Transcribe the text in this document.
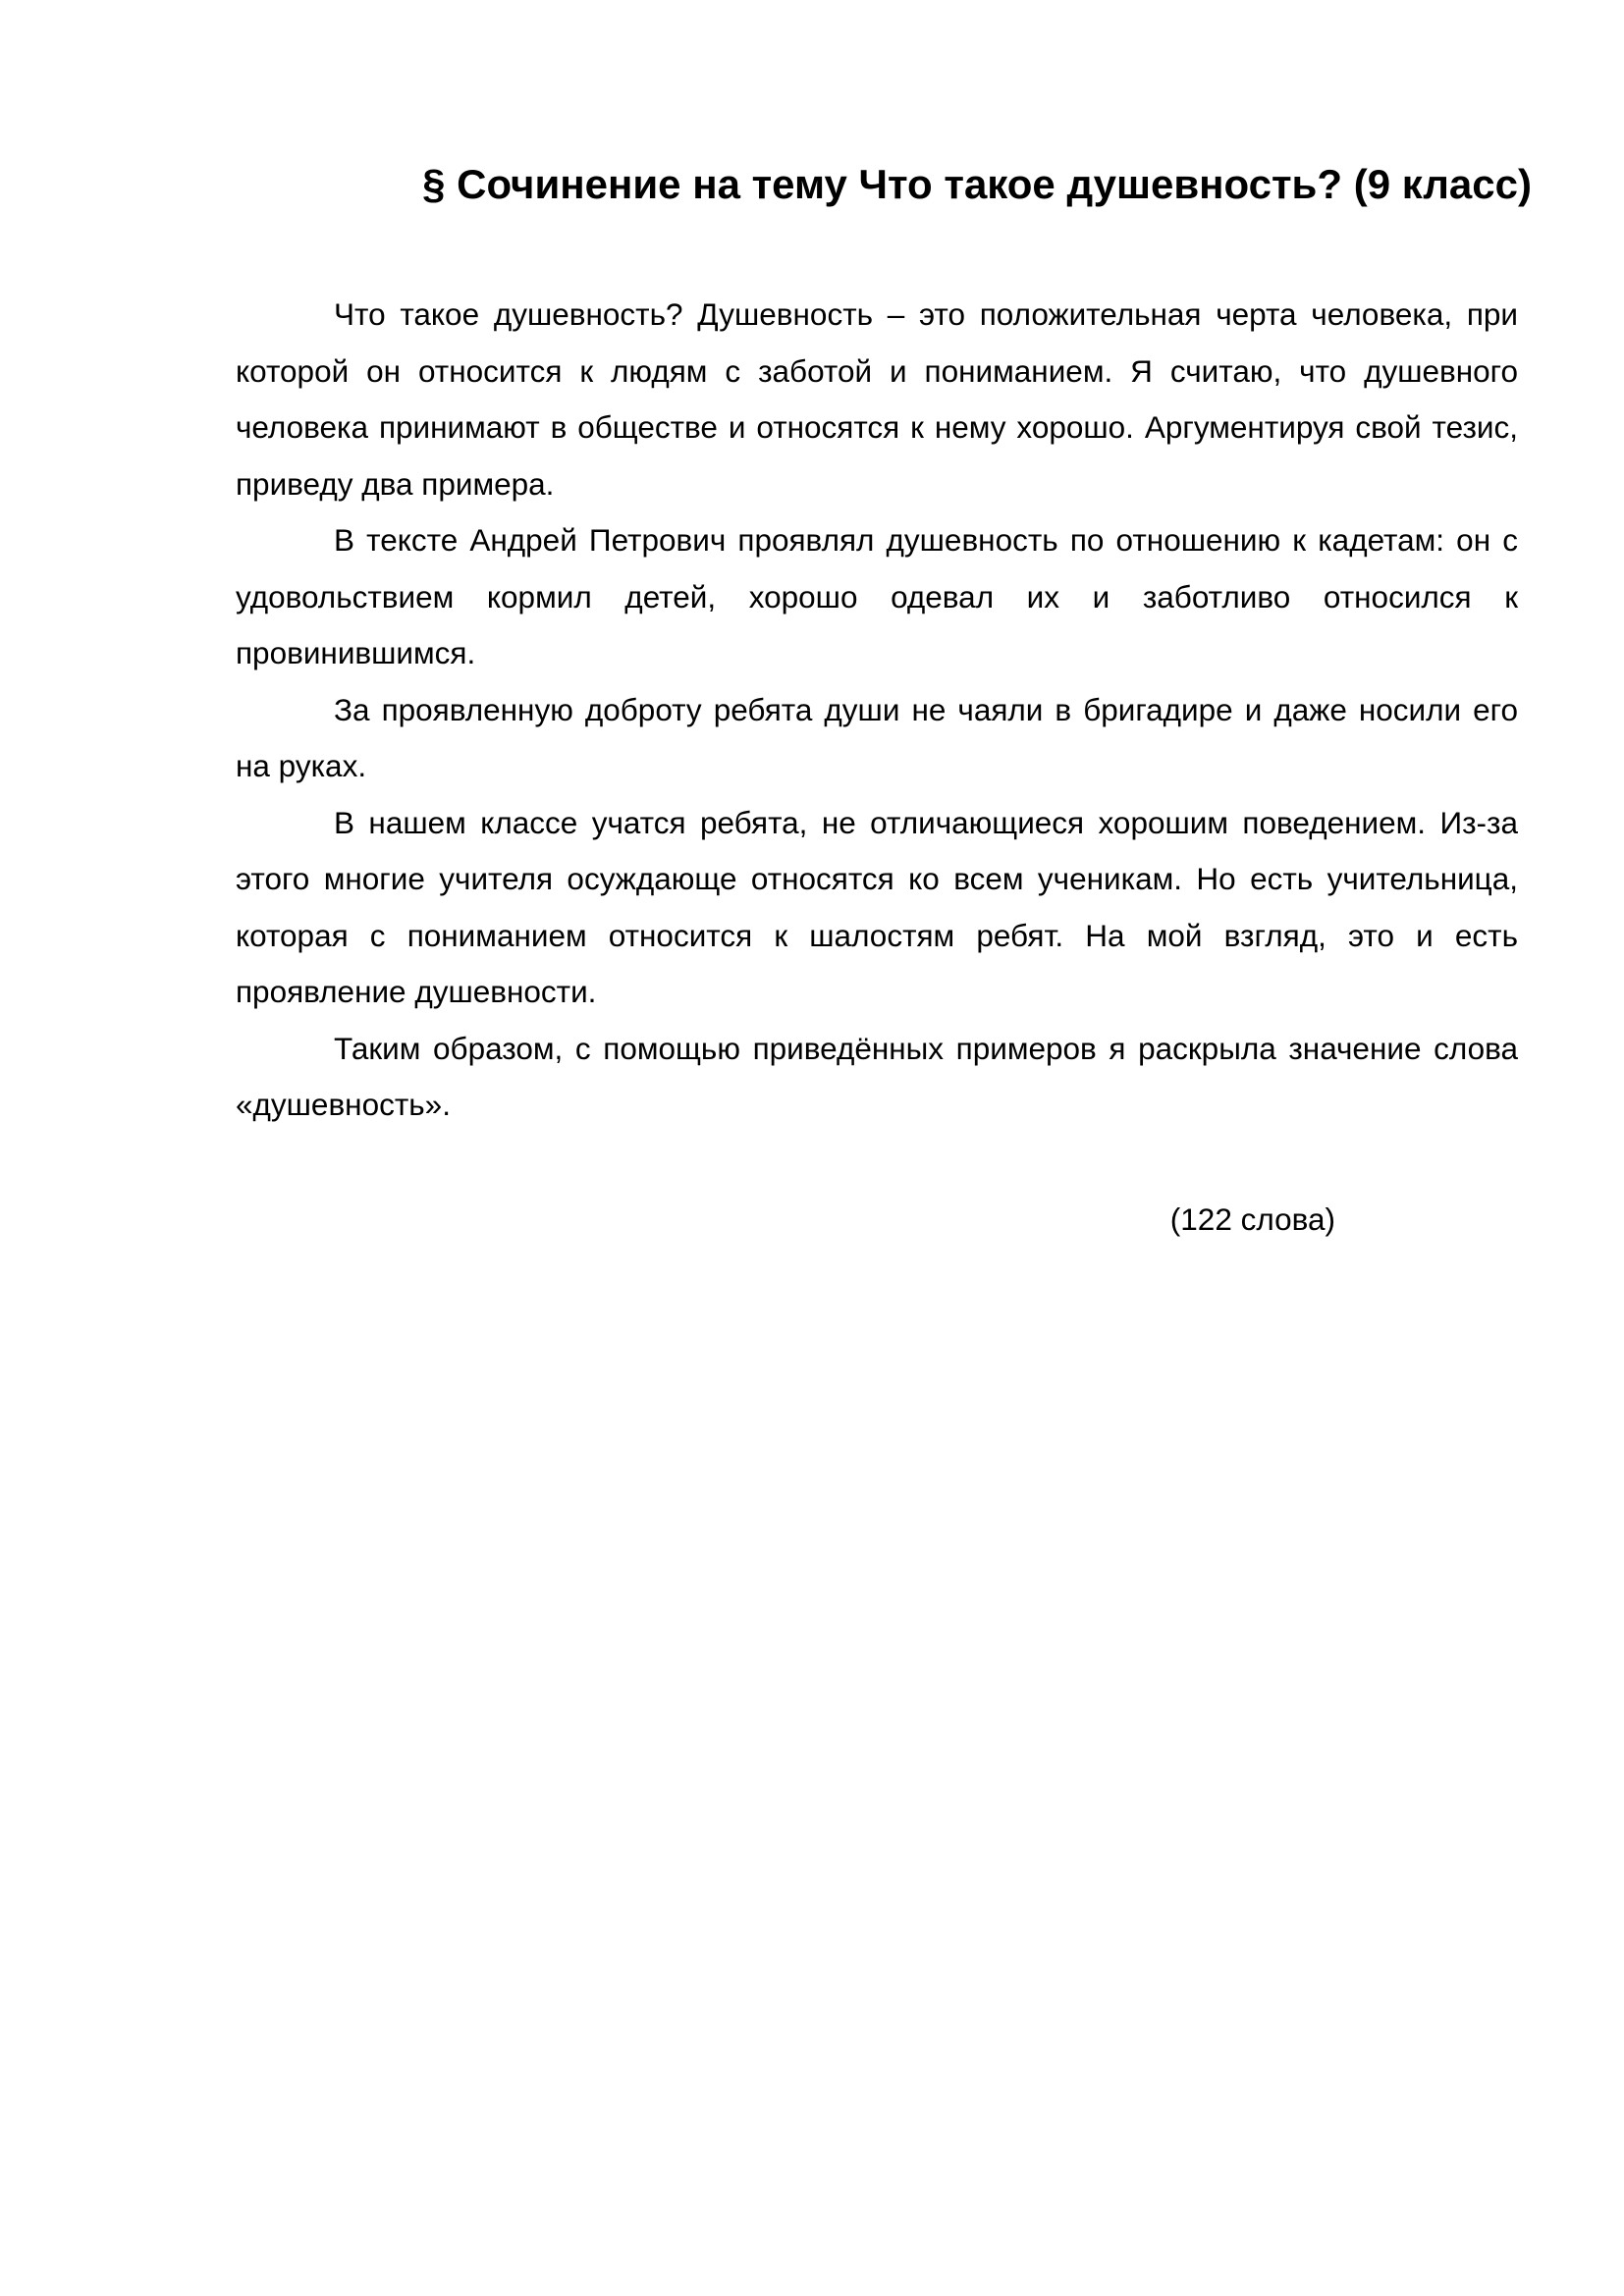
§ Сочинение на тему Что такое душевность? (9 класс)

Что такое душевность? Душевность – это положительная черта человека, при которой он относится к людям с заботой и пониманием. Я считаю, что душевного человека принимают в обществе и относятся к нему хорошо. Аргументируя свой тезис, приведу два примера.

В тексте Андрей Петрович проявлял душевность по отношению к кадетам: он с удовольствием кормил детей, хорошо одевал их и заботливо относился к провинившимся.

За проявленную доброту ребята души не чаяли в бригадире и даже носили его на руках.

В нашем классе учатся ребята, не отличающиеся хорошим поведением. Из-за этого многие учителя осуждающе относятся ко всем ученикам. Но есть учительница, которая с пониманием относится к шалостям ребят. На мой взгляд, это и есть проявление душевности.

Таким образом, с помощью приведённых примеров я раскрыла значение слова «душевность».

(122 слова)
